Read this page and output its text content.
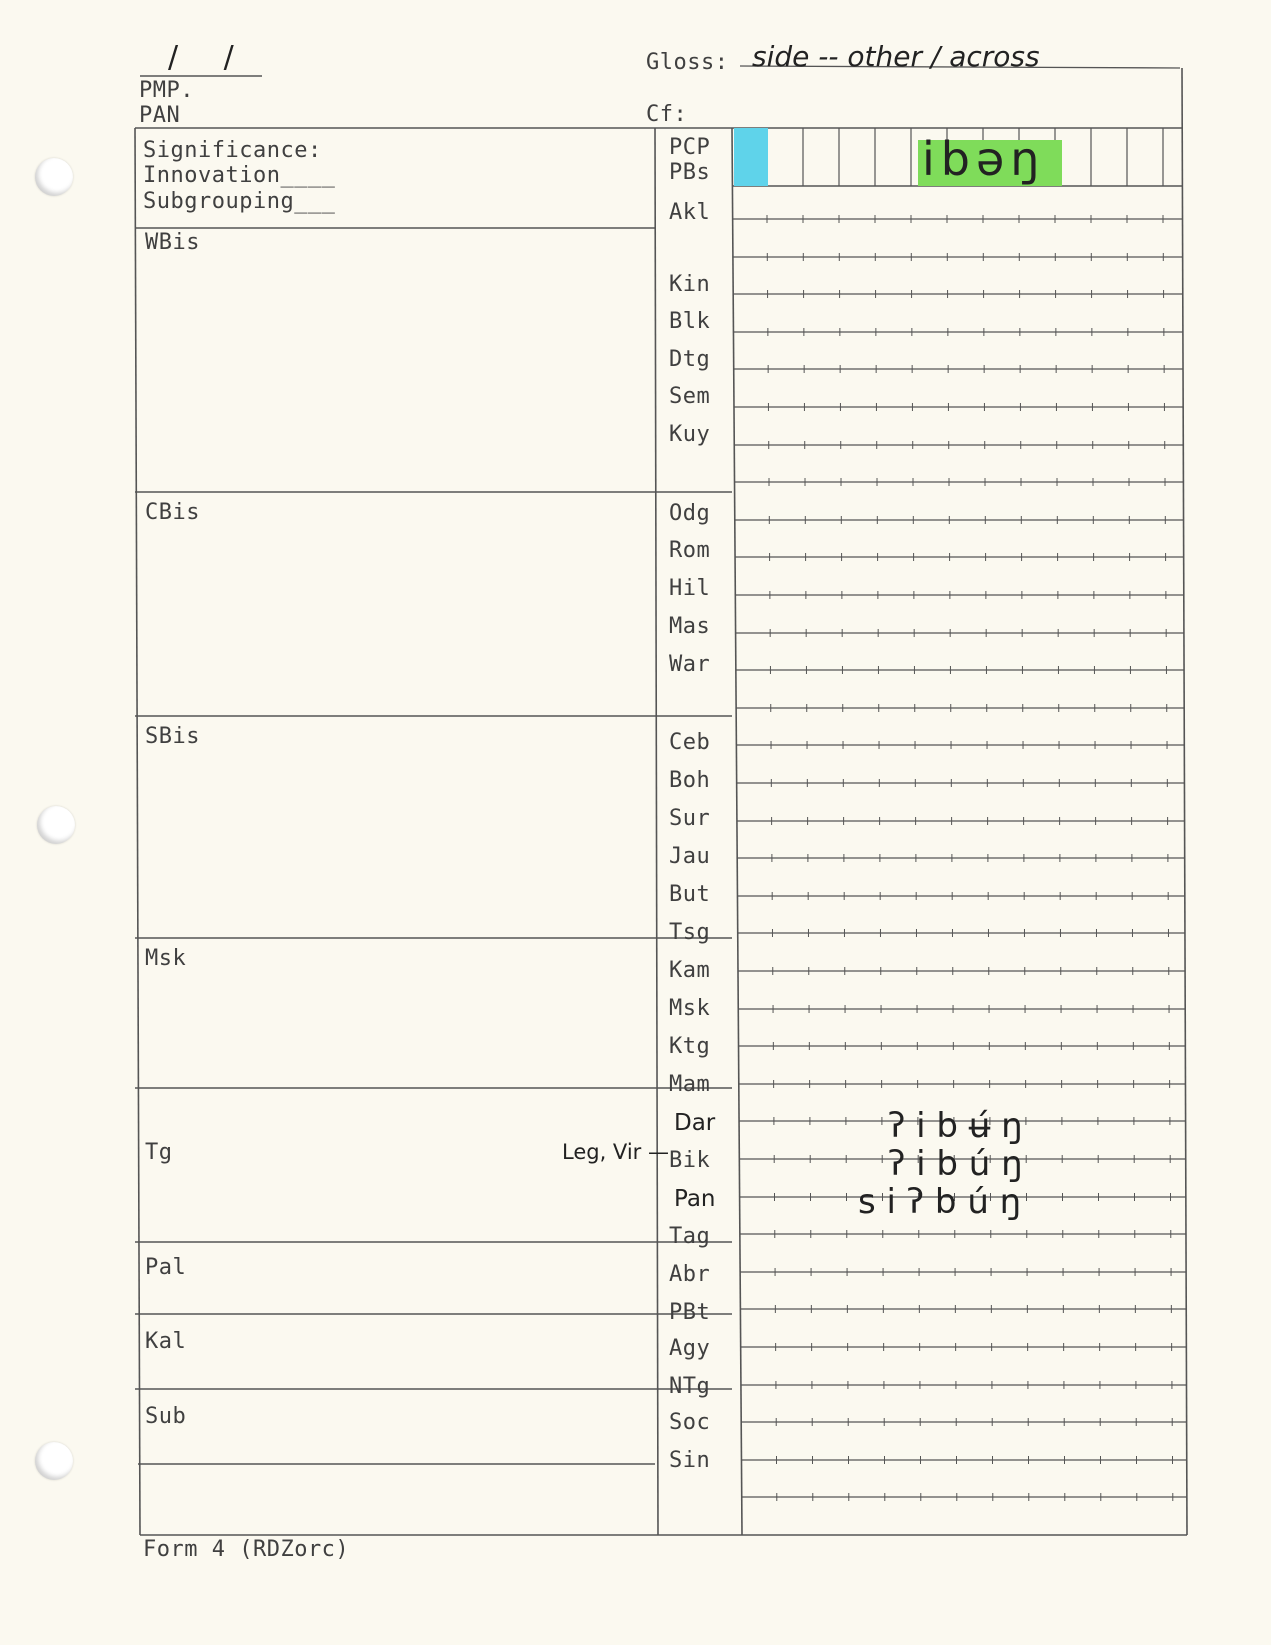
/ /
PMP.
PAN
Gloss: side -- other / across
Cf:
Significance:
Innovation____
Subgrouping___
WBis
CBis
SBis
Msk
Tg
Pal
Kal
Sub
PCP
PBs
Akl
Kin
Blk
Dtg
Sem
Kuy
Odg
Rom
Hil
Mas
War
Ceb
Boh
Sur
Jau
But
Tsg
Kam
Msk
Ktg
Mam
Dar
Bik
Pan
Tag
Abr
PBt
Agy
NTg
Soc
Sin
ibəŋ
ʔ i b ʉ́ ŋ
ʔ i b ú ŋ
s i ʔ b ú ŋ
Leg, Vir —
Form 4 (RDZorc)
